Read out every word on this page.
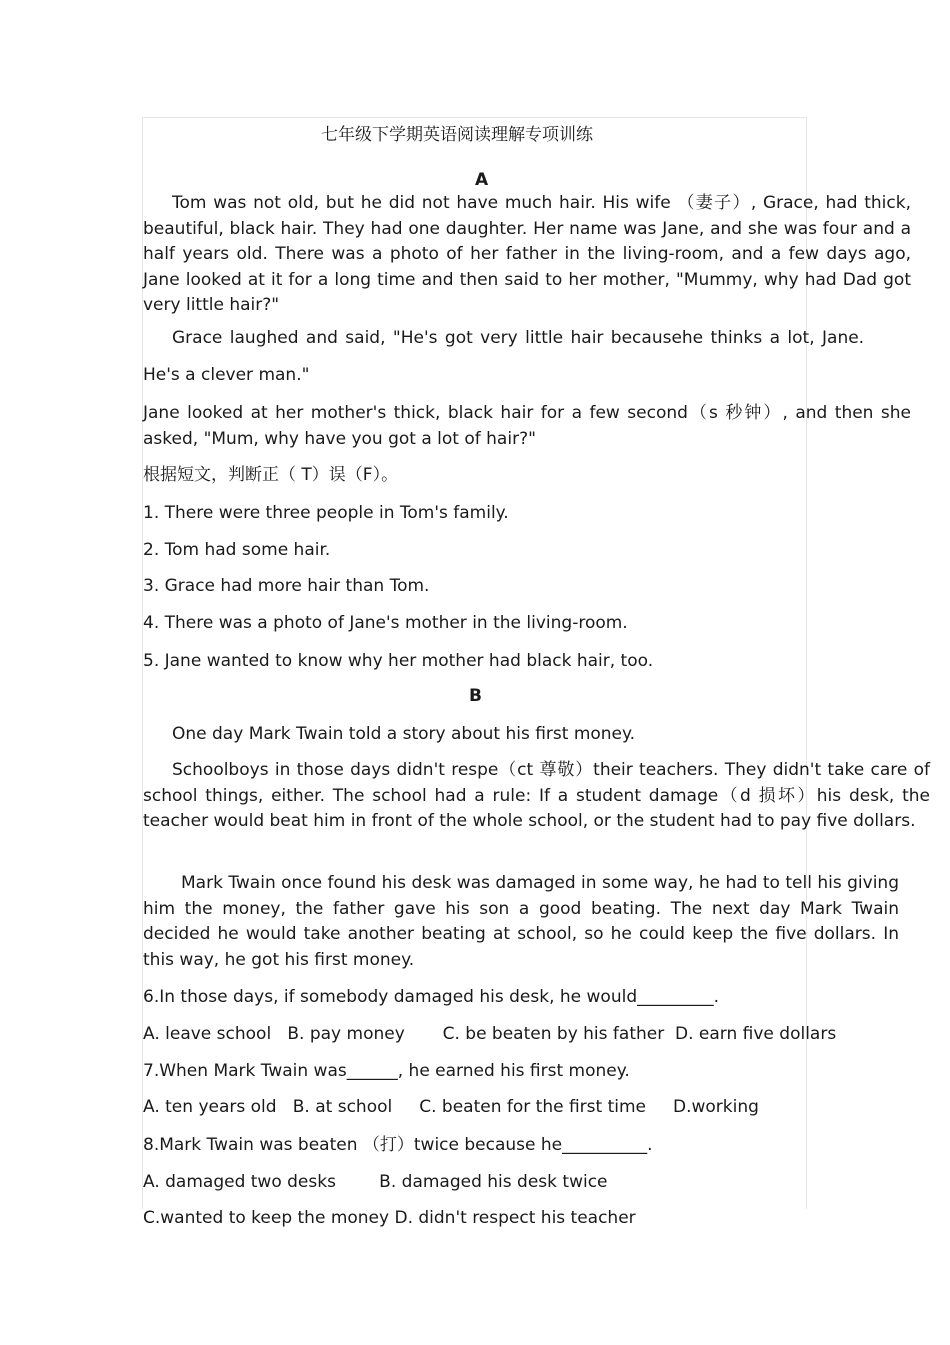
七年级下学期英语阅读理解专项训练
A

Tom was not old, but he did not have much hair. His wife （妻子）, Grace, had thick, beautiful, black hair. They had one daughter. Her name was Jane, and she was four and a half years old. There was a photo of her father in the living-room, and a few days ago, Jane looked at it for a long time and then said to her mother, "Mummy, why had Dad got very little hair?"

Grace laughed and said, "He's got very little hair becausehe thinks a lot, Jane.
He's a clever man."

Jane looked at her mother's thick, black hair for a few second（s 秒钟）, and then she asked, "Mum, why have you got a lot of hair?"

根据短文，判断正（ T）误（F）。
1. There were three people in Tom's family.
2. Tom had some hair.
3. Grace had more hair than Tom.
4. There was a photo of Jane's mother in the living-room.
5. Jane wanted to know why her mother had black hair, too.
B
One day Mark Twain told a story about his first money.

Schoolboys in those days didn't respe（ct 尊敬）their teachers. They didn't take care of school things, either. The school had a rule: If a student damage（d 损坏）his desk, the teacher would beat him in front of the whole school, or the student had to pay five dollars.

Mark Twain once found his desk was damaged in some way, he had to tell his giving him the money, the father gave his son a good beating. The next day Mark Twain decided he would take another beating at school, so he could keep the five dollars. In this way, he got his first money.

6.In those days, if somebody damaged his desk, he would_________.
A. leave school   B. pay money       C. be beaten by his father  D. earn five dollars
7.When Mark Twain was______, he earned his first money.
A. ten years old   B. at school     C. beaten for the first time     D.working
8.Mark Twain was beaten （打）twice because he__________.
A. damaged two desks        B. damaged his desk twice
C.wanted to keep the money D. didn't respect his teacher
